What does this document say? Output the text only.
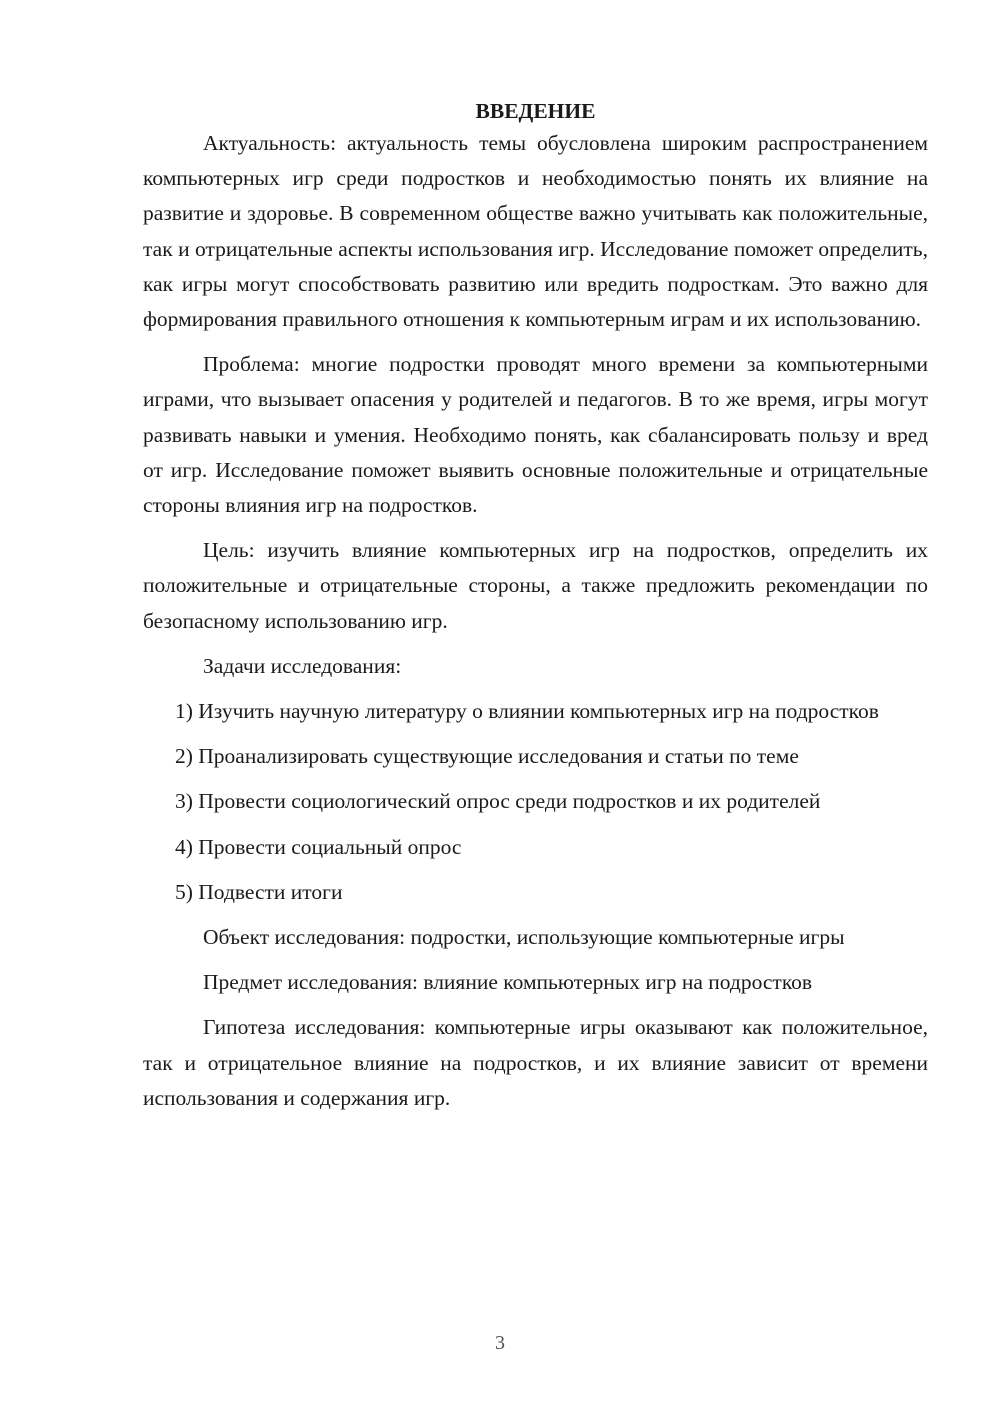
ВВЕДЕНИЕ

Актуальность: актуальность темы обусловлена широким распространением компьютерных игр среди подростков и необходимостью понять их влияние на развитие и здоровье. В современном обществе важно учитывать как положительные, так и отрицательные аспекты использования игр. Исследование поможет определить, как игры могут способствовать развитию или вредить подросткам. Это важно для формирования правильного отношения к компьютерным играм и их использованию.

Проблема: многие подростки проводят много времени за компьютерными играми, что вызывает опасения у родителей и педагогов. В то же время, игры могут развивать навыки и умения. Необходимо понять, как сбалансировать пользу и вред от игр. Исследование поможет выявить основные положительные и отрицательные стороны влияния игр на подростков.

Цель: изучить влияние компьютерных игр на подростков, определить их положительные и отрицательные стороны, а также предложить рекомендации по безопасному использованию игр.

Задачи исследования:

1) Изучить научную литературу о влиянии компьютерных игр на подростков

2) Проанализировать существующие исследования и статьи по теме

3) Провести социологический опрос среди подростков и их родителей

4) Провести социальный опрос

5) Подвести итоги

Объект исследования: подростки, использующие компьютерные игры

Предмет исследования: влияние компьютерных игр на подростков

Гипотеза исследования: компьютерные игры оказывают как положительное, так и отрицательное влияние на подростков, и их влияние зависит от времени использования и содержания игр.

3
